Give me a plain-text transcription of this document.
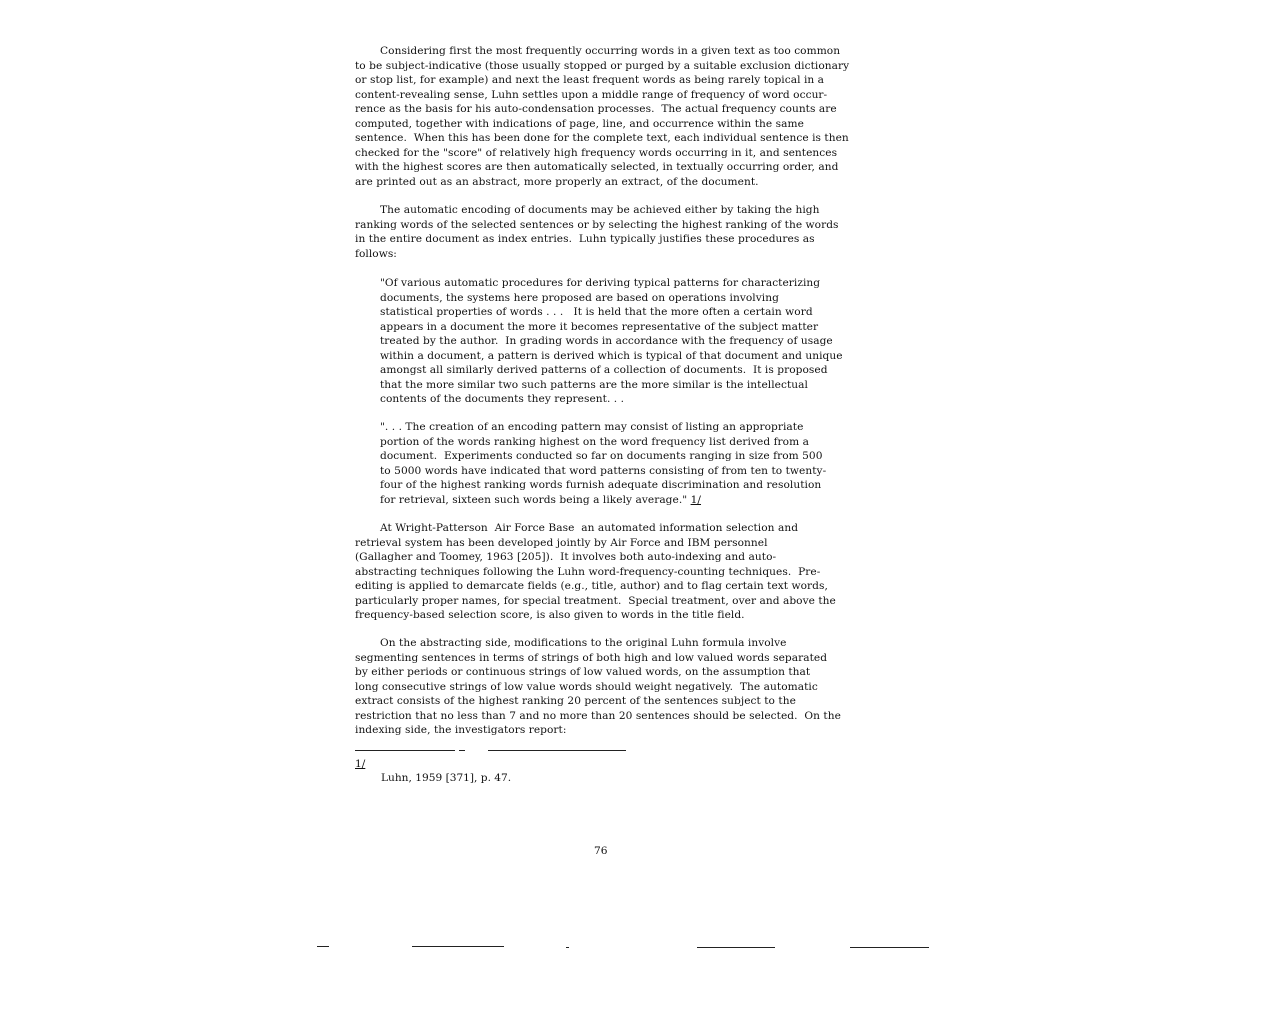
Considering first the most frequently occurring words in a given text as too common
to be subject-indicative (those usually stopped or purged by a suitable exclusion dictionary
or stop list, for example) and next the least frequent words as being rarely topical in a
content-revealing sense, Luhn settles upon a middle range of frequency of word occur-
rence as the basis for his auto-condensation processes.  The actual frequency counts are
computed, together with indications of page, line, and occurrence within the same
sentence.  When this has been done for the complete text, each individual sentence is then
checked for the "score" of relatively high frequency words occurring in it, and sentences
with the highest scores are then automatically selected, in textually occurring order, and
are printed out as an abstract, more properly an extract, of the document.
The automatic encoding of documents may be achieved either by taking the high
ranking words of the selected sentences or by selecting the highest ranking of the words
in the entire document as index entries.  Luhn typically justifies these procedures as
follows:
"Of various automatic procedures for deriving typical patterns for characterizing
documents, the systems here proposed are based on operations involving
statistical properties of words . . .   It is held that the more often a certain word
appears in a document the more it becomes representative of the subject matter
treated by the author.  In grading words in accordance with the frequency of usage
within a document, a pattern is derived which is typical of that document and unique
amongst all similarly derived patterns of a collection of documents.  It is proposed
that the more similar two such patterns are the more similar is the intellectual
contents of the documents they represent. . .
". . . The creation of an encoding pattern may consist of listing an appropriate
portion of the words ranking highest on the word frequency list derived from a
document.  Experiments conducted so far on documents ranging in size from 500
to 5000 words have indicated that word patterns consisting of from ten to twenty-
four of the highest ranking words furnish adequate discrimination and resolution
for retrieval, sixteen such words being a likely average." 1/
At Wright-Patterson  Air Force Base  an automated information selection and
retrieval system has been developed jointly by Air Force and IBM personnel
(Gallagher and Toomey, 1963 [205]).  It involves both auto-indexing and auto-
abstracting techniques following the Luhn word-frequency-counting techniques.  Pre-
editing is applied to demarcate fields (e.g., title, author) and to flag certain text words,
particularly proper names, for special treatment.  Special treatment, over and above the
frequency-based selection score, is also given to words in the title field.
On the abstracting side, modifications to the original Luhn formula involve
segmenting sentences in terms of strings of both high and low valued words separated
by either periods or continuous strings of low valued words, on the assumption that
long consecutive strings of low value words should weight negatively.  The automatic
extract consists of the highest ranking 20 percent of the sentences subject to the
restriction that no less than 7 and no more than 20 sentences should be selected.  On the
indexing side, the investigators report:
1/
Luhn, 1959 [371], p. 47.
76
